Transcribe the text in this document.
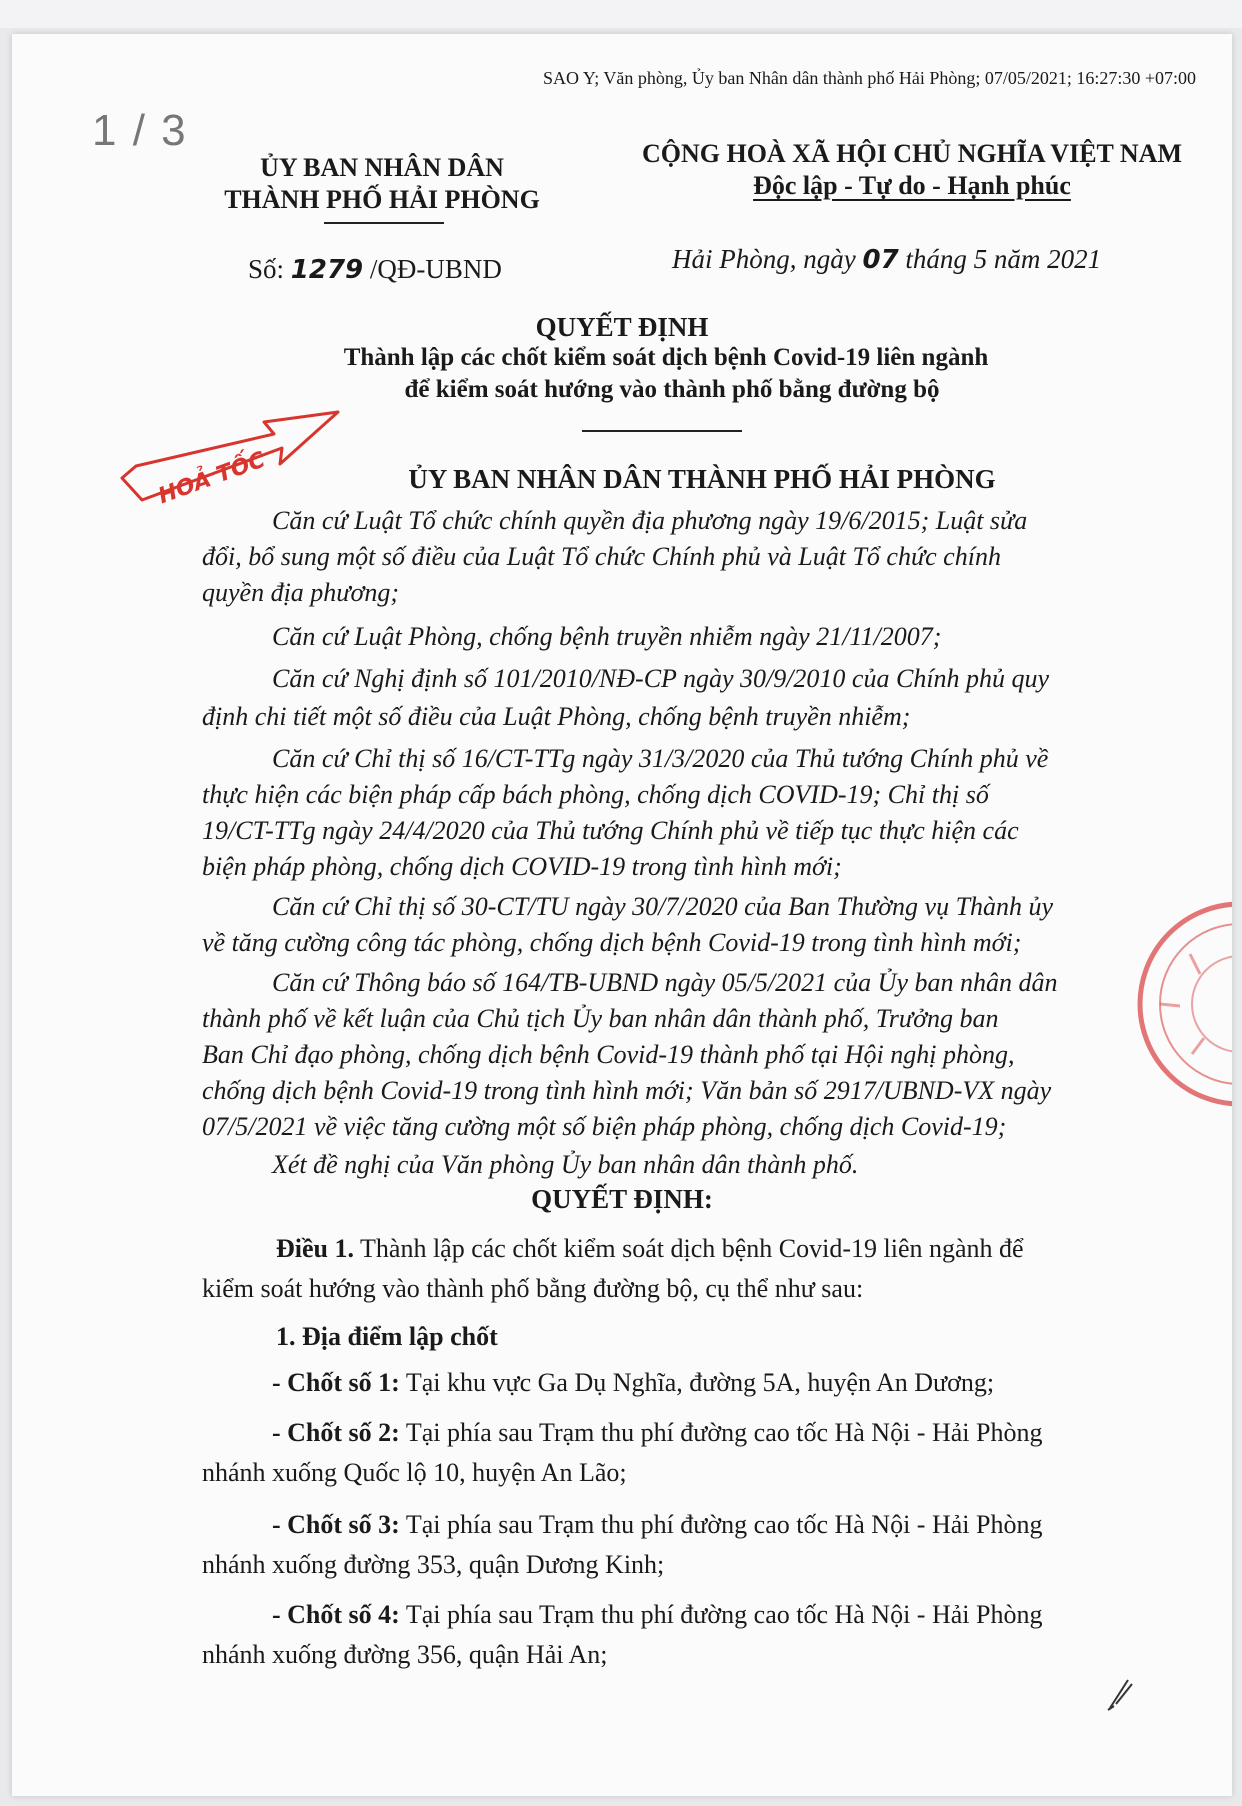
SAO Y; Văn phòng, Ủy ban Nhân dân thành phố Hải Phòng; 07/05/2021; 16:27:30 +07:00
1 / 3
ỦY BAN NHÂN DÂN
THÀNH PHỐ HẢI PHÒNG
CỘNG HOÀ XÃ HỘI CHỦ NGHĨA VIỆT NAM
Độc lập - Tự do - Hạnh phúc
Số: 1279 /QĐ-UBND	Hải Phòng, ngày 07 tháng 5 năm 2021
QUYẾT ĐỊNH
Thành lập các chốt kiểm soát dịch bệnh Covid-19 liên ngành
để kiểm soát hướng vào thành phố bằng đường bộ
HOẢ TỐC	ỦY BAN NHÂN DÂN THÀNH PHỐ HẢI PHÒNG
Căn cứ Luật Tổ chức chính quyền địa phương ngày 19/6/2015; Luật sửa
đổi, bổ sung một số điều của Luật Tổ chức Chính phủ và Luật Tổ chức chính
quyền địa phương;
Căn cứ Luật Phòng, chống bệnh truyền nhiễm ngày 21/11/2007;
Căn cứ Nghị định số 101/2010/NĐ-CP ngày 30/9/2010 của Chính phủ quy
định chi tiết một số điều của Luật Phòng, chống bệnh truyền nhiễm;
Căn cứ Chỉ thị số 16/CT-TTg ngày 31/3/2020 của Thủ tướng Chính phủ về
thực hiện các biện pháp cấp bách phòng, chống dịch COVID-19; Chỉ thị số
19/CT-TTg ngày 24/4/2020 của Thủ tướng Chính phủ về tiếp tục thực hiện các
biện pháp phòng, chống dịch COVID-19 trong tình hình mới;
Căn cứ Chỉ thị số 30-CT/TU ngày 30/7/2020 của Ban Thường vụ Thành ủy
về tăng cường công tác phòng, chống dịch bệnh Covid-19 trong tình hình mới;
Căn cứ Thông báo số 164/TB-UBND ngày 05/5/2021 của Ủy ban nhân dân
thành phố về kết luận của Chủ tịch Ủy ban nhân dân thành phố, Trưởng ban
Ban Chỉ đạo phòng, chống dịch bệnh Covid-19 thành phố tại Hội nghị phòng,
chống dịch bệnh Covid-19 trong tình hình mới; Văn bản số 2917/UBND-VX ngày
07/5/2021 về việc tăng cường một số biện pháp phòng, chống dịch Covid-19;
Xét đề nghị của Văn phòng Ủy ban nhân dân thành phố.
QUYẾT ĐỊNH:
Điều 1. Thành lập các chốt kiểm soát dịch bệnh Covid-19 liên ngành để
kiểm soát hướng vào thành phố bằng đường bộ, cụ thể như sau:
1. Địa điểm lập chốt
- Chốt số 1: Tại khu vực Ga Dụ Nghĩa, đường 5A, huyện An Dương;
- Chốt số 2: Tại phía sau Trạm thu phí đường cao tốc Hà Nội - Hải Phòng
nhánh xuống Quốc lộ 10, huyện An Lão;
- Chốt số 3: Tại phía sau Trạm thu phí đường cao tốc Hà Nội - Hải Phòng
nhánh xuống đường 353, quận Dương Kinh;
- Chốt số 4: Tại phía sau Trạm thu phí đường cao tốc Hà Nội - Hải Phòng
nhánh xuống đường 356, quận Hải An;
